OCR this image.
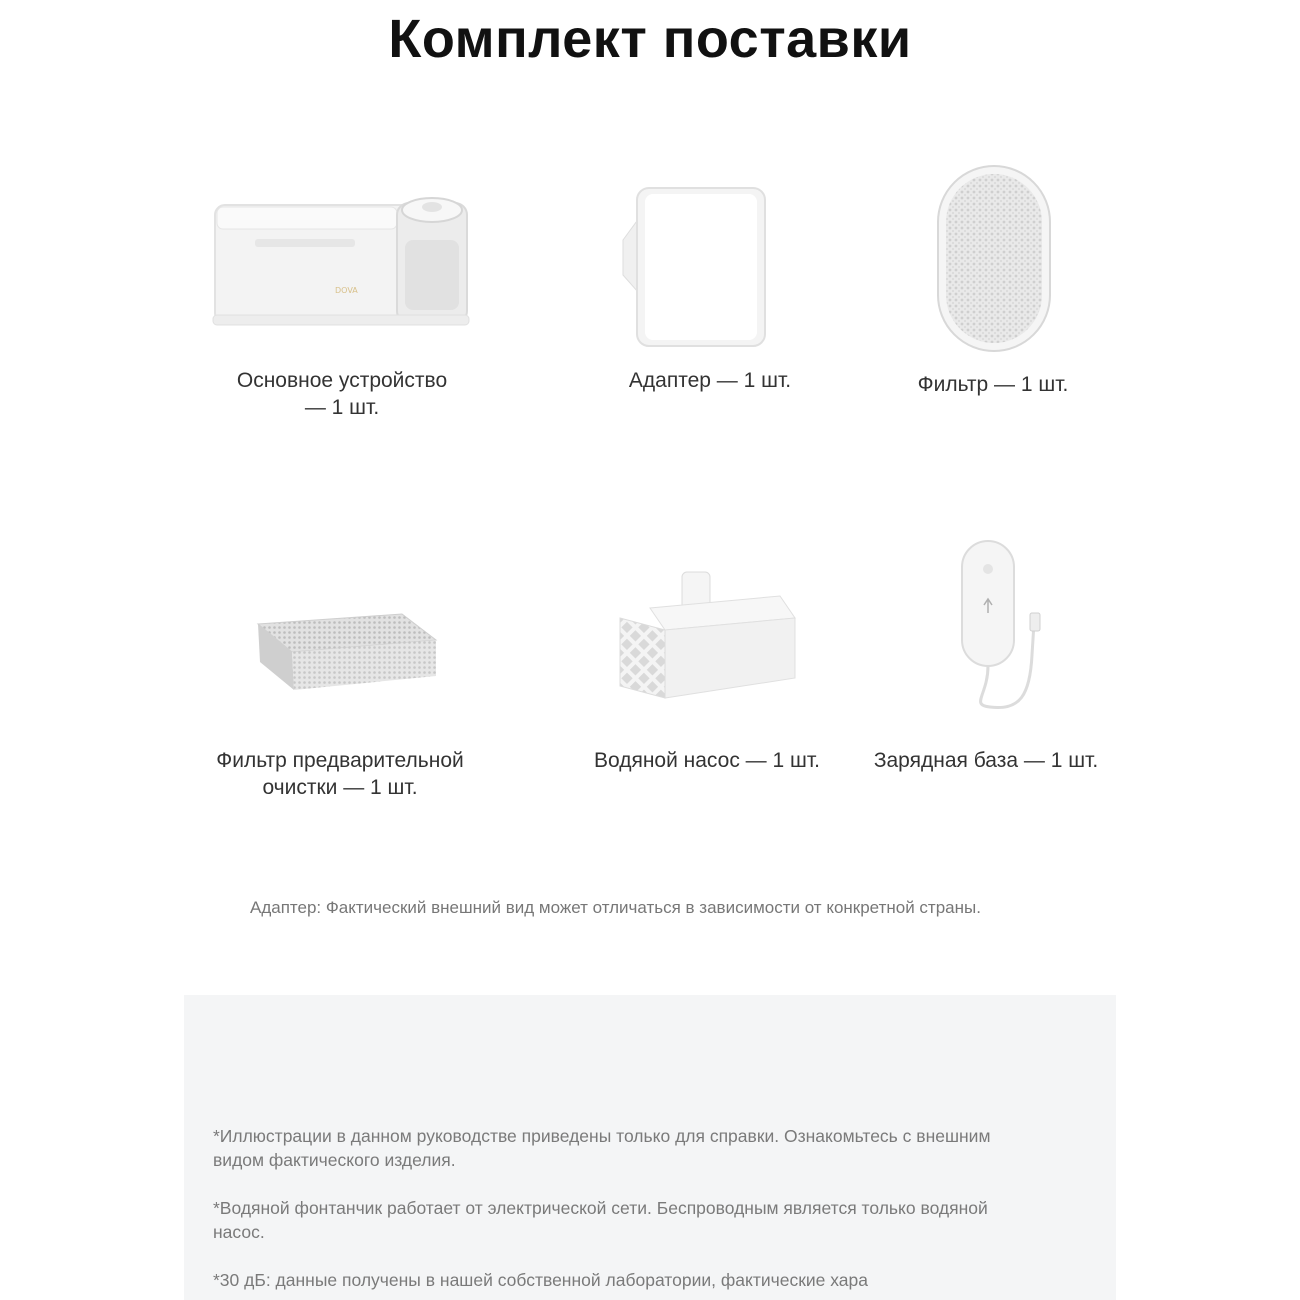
Комплект поставки
DOVA
Основное устройство
— 1 шт.
Адаптер — 1 шт.	Фильтр — 1 шт.
Фильтр предварительной
очистки — 1 шт.
Водяной насос — 1 шт.	Зарядная база — 1 шт.
Адаптер: Фактический внешний вид может отличаться в зависимости от конкретной страны.
*Иллюстрации в данном руководстве приведены только для справки. Ознакомьтесь с внешним видом фактического изделия.
*Водяной фонтанчик работает от электрической сети. Беспроводным является только водяной насос.
*30 дБ: данные получены в нашей собственной лаборатории, фактические хара
